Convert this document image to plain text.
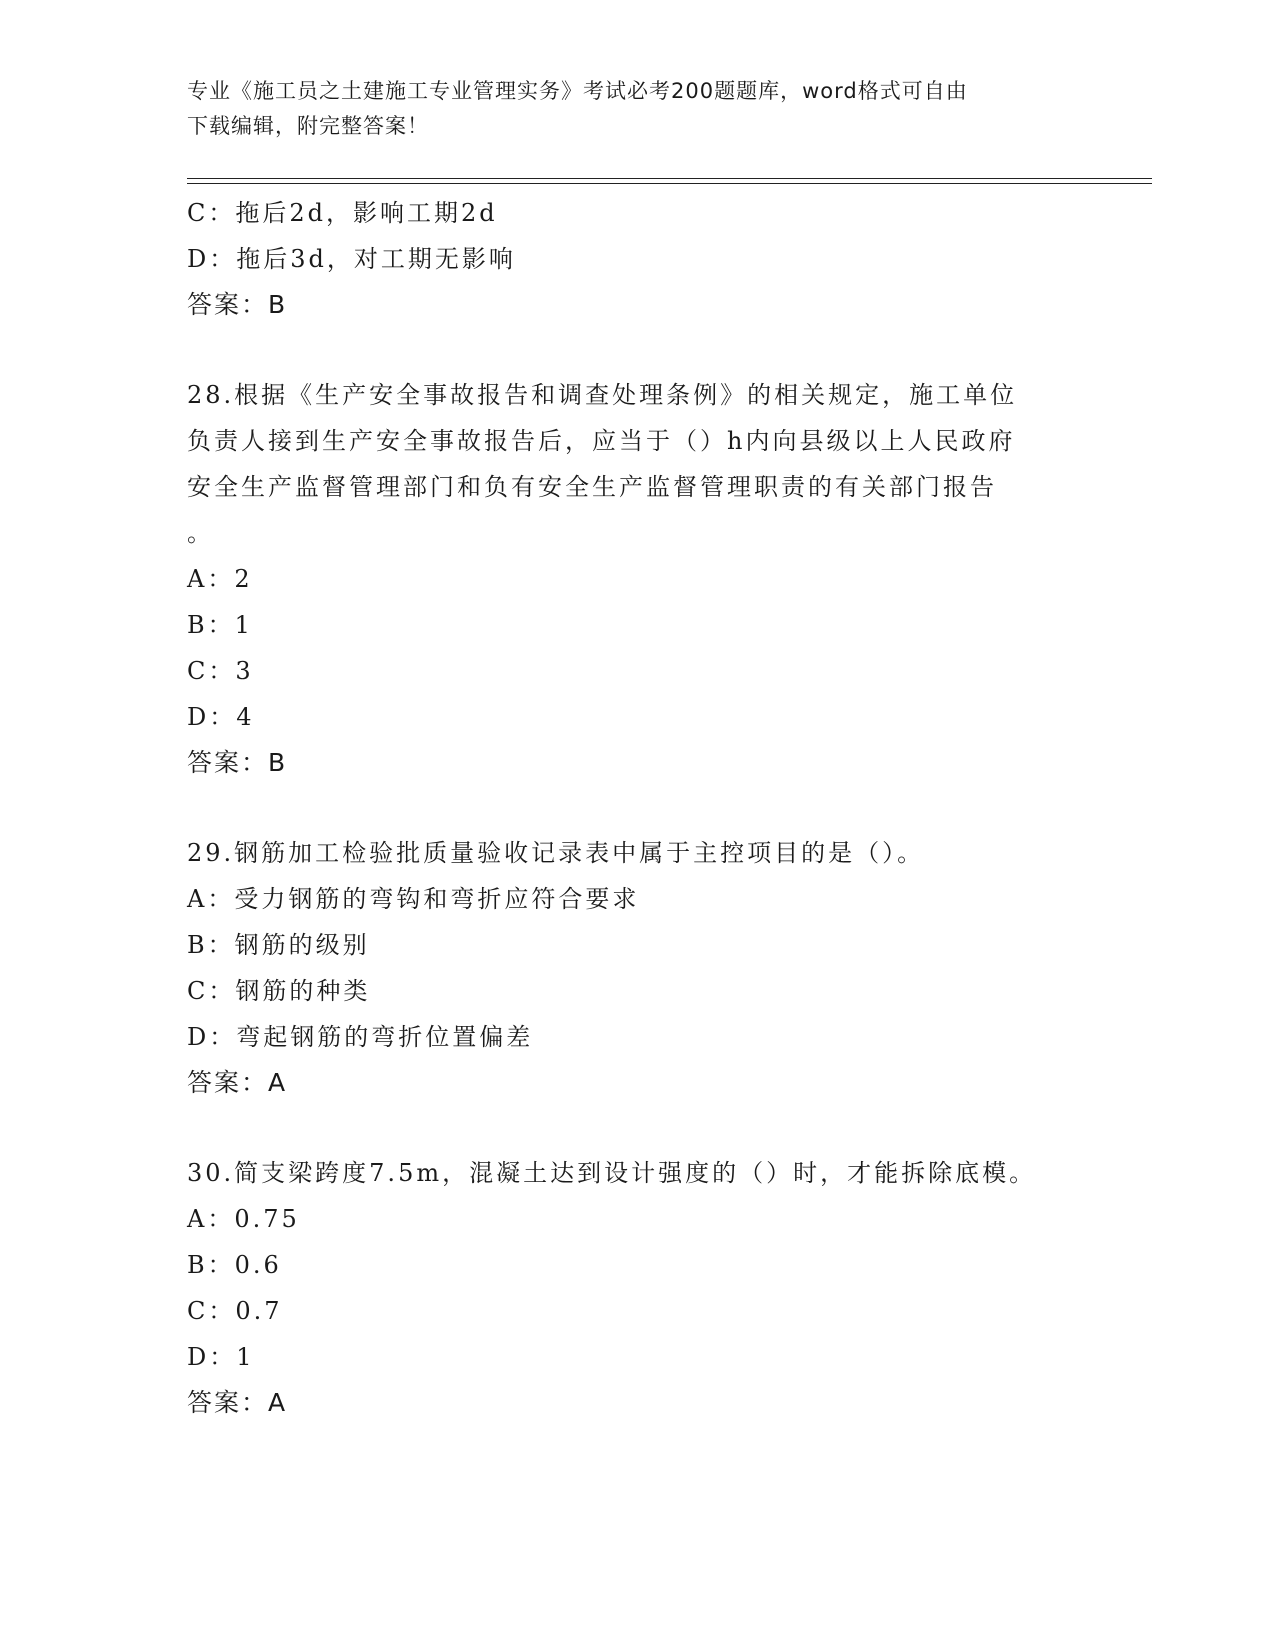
专业《施工员之土建施工专业管理实务》考试必考200题题库，word格式可自由
下载编辑，附完整答案！
C：拖后2d，影响工期2d
D：拖后3d，对工期无影响
答案：B
28.根据《生产安全事故报告和调查处理条例》的相关规定，施工单位
负责人接到生产安全事故报告后，应当于（）h内向县级以上人民政府
安全生产监督管理部门和负有安全生产监督管理职责的有关部门报告
。
A：2
B：1
C：3
D：4
答案：B
29.钢筋加工检验批质量验收记录表中属于主控项目的是（）。
A：受力钢筋的弯钩和弯折应符合要求
B：钢筋的级别
C：钢筋的种类
D：弯起钢筋的弯折位置偏差
答案：A
30.简支梁跨度7.5m，混凝土达到设计强度的（）时，才能拆除底模。
A：0.75
B：0.6
C：0.7
D：1
答案：A
